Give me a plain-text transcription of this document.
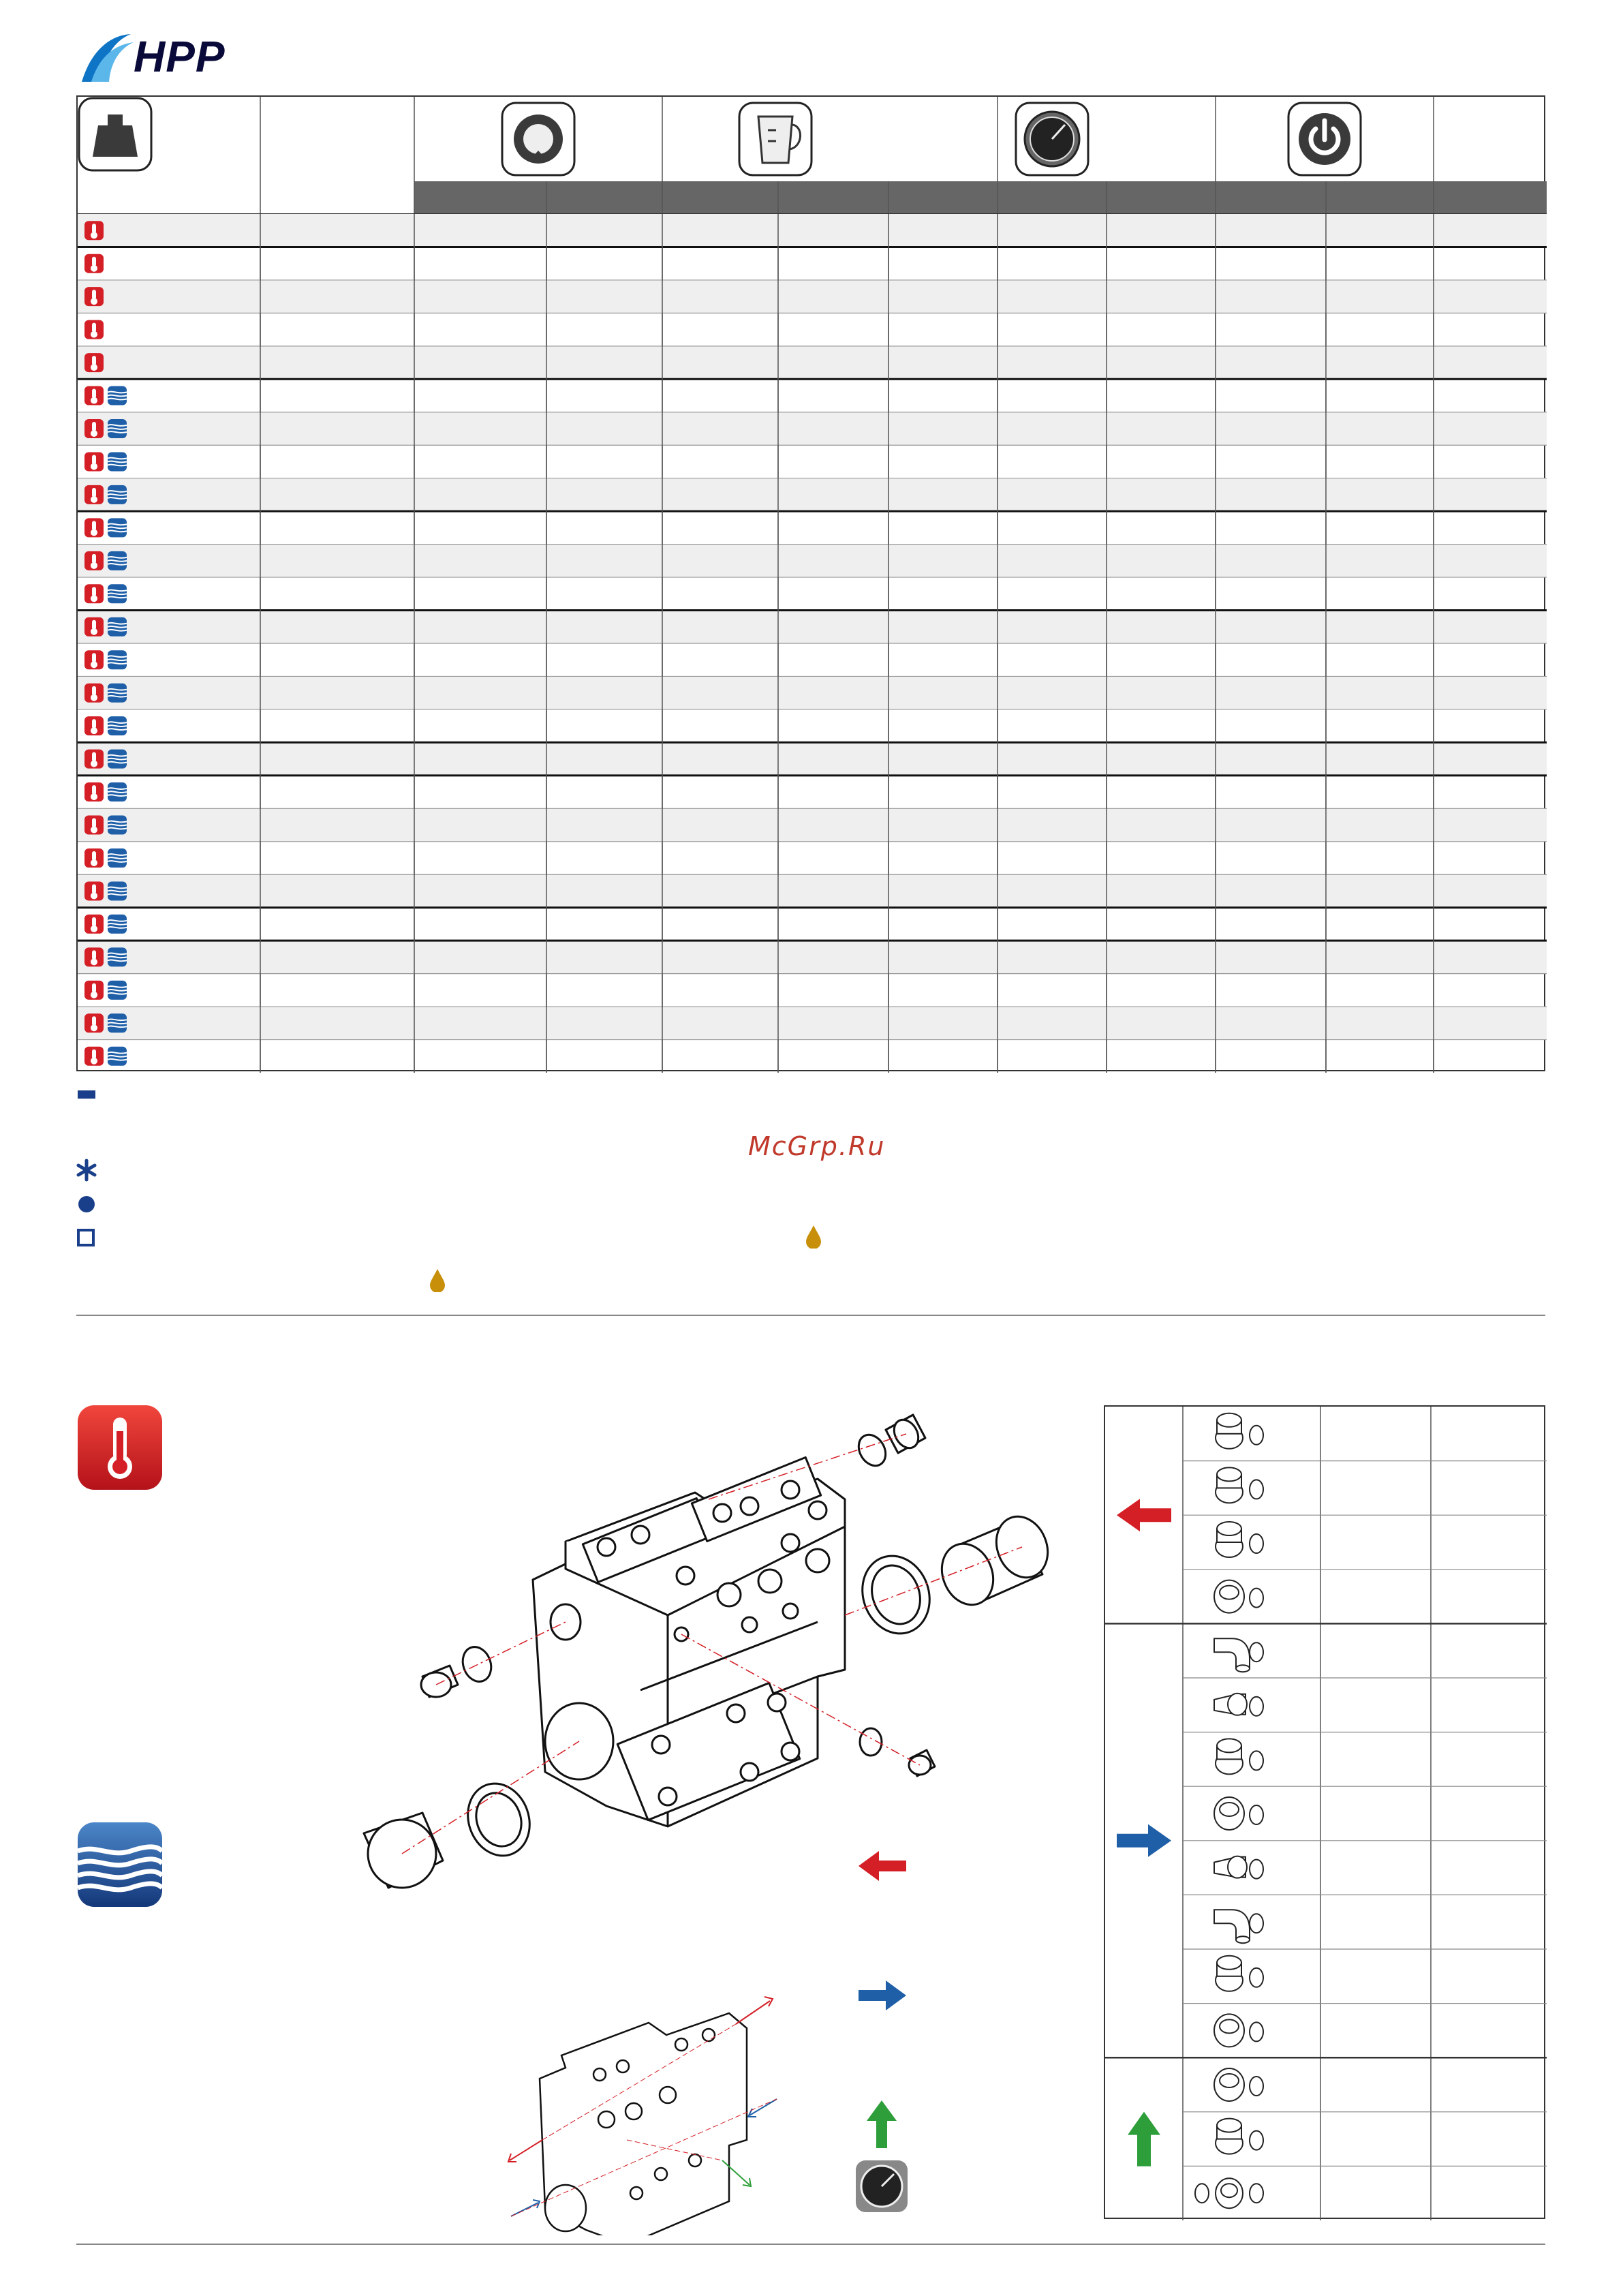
HPP
McGrp.Ru
